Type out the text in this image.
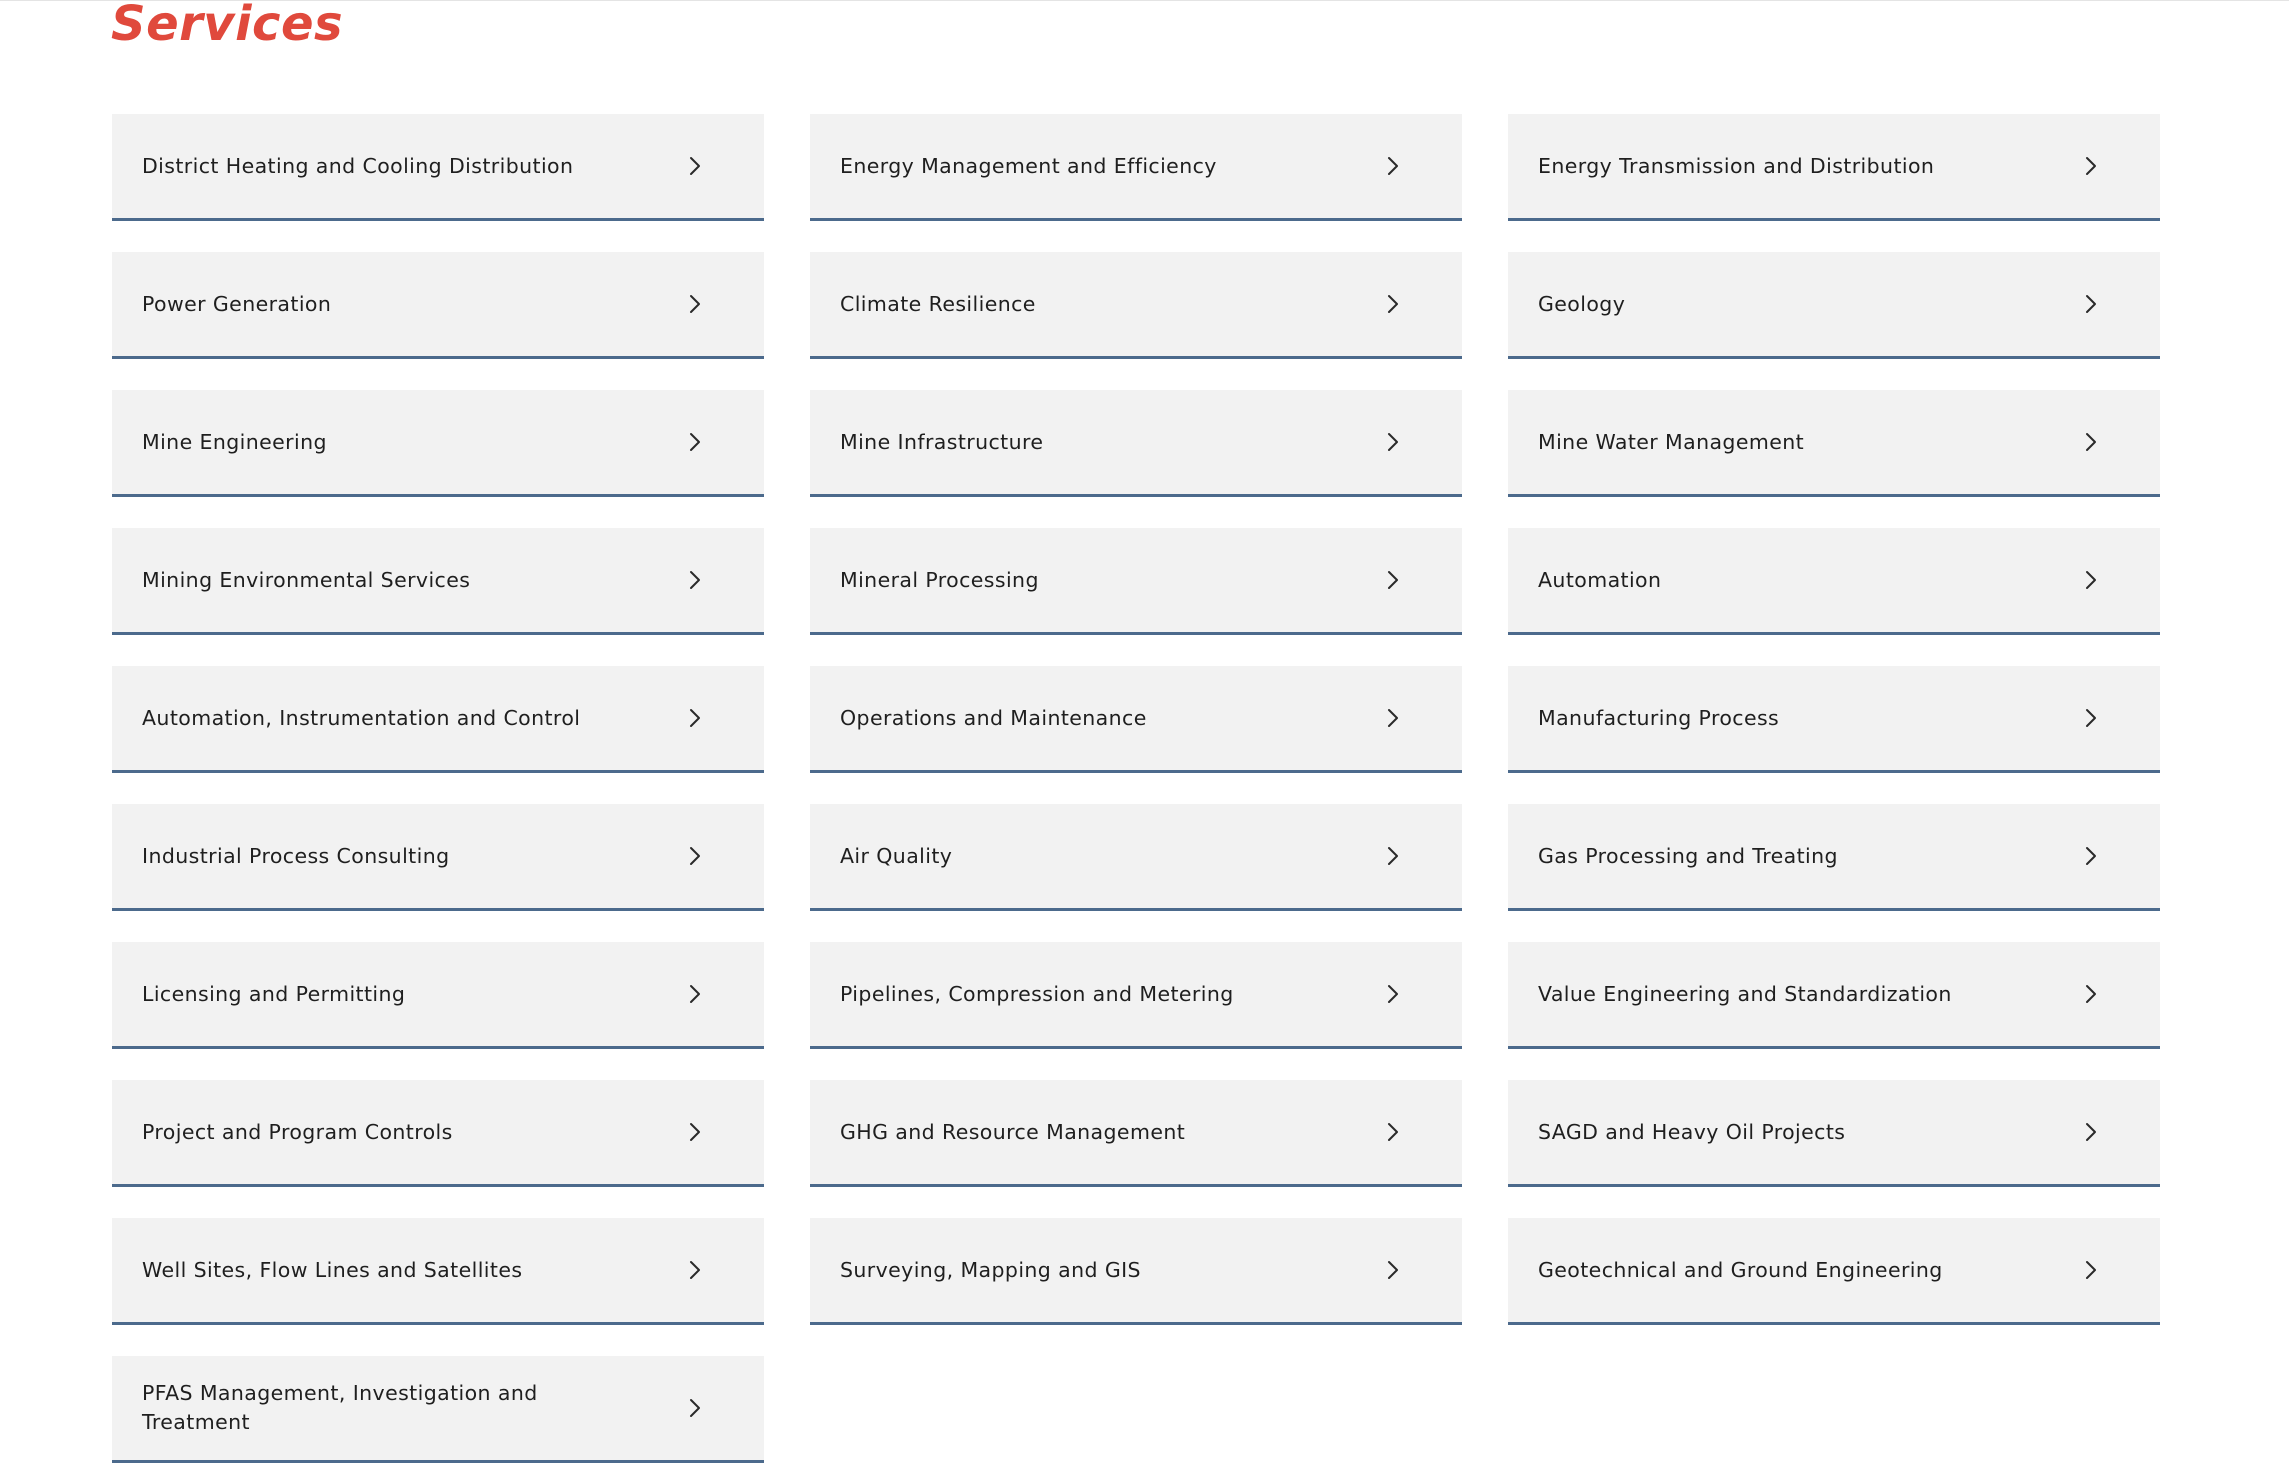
Services
District Heating and Cooling Distribution	Energy Management and Efficiency	Energy Transmission and Distribution
Power Generation	Climate Resilience	Geology
Mine Engineering	Mine Infrastructure	Mine Water Management
Mining Environmental Services	Mineral Processing	Automation
Automation, Instrumentation and Control	Operations and Maintenance	Manufacturing Process
Industrial Process Consulting	Air Quality	Gas Processing and Treating
Licensing and Permitting	Pipelines, Compression and Metering	Value Engineering and Standardization
Project and Program Controls	GHG and Resource Management	SAGD and Heavy Oil Projects
Well Sites, Flow Lines and Satellites	Surveying, Mapping and GIS	Geotechnical and Ground Engineering
PFAS Management, Investigation and Treatment
